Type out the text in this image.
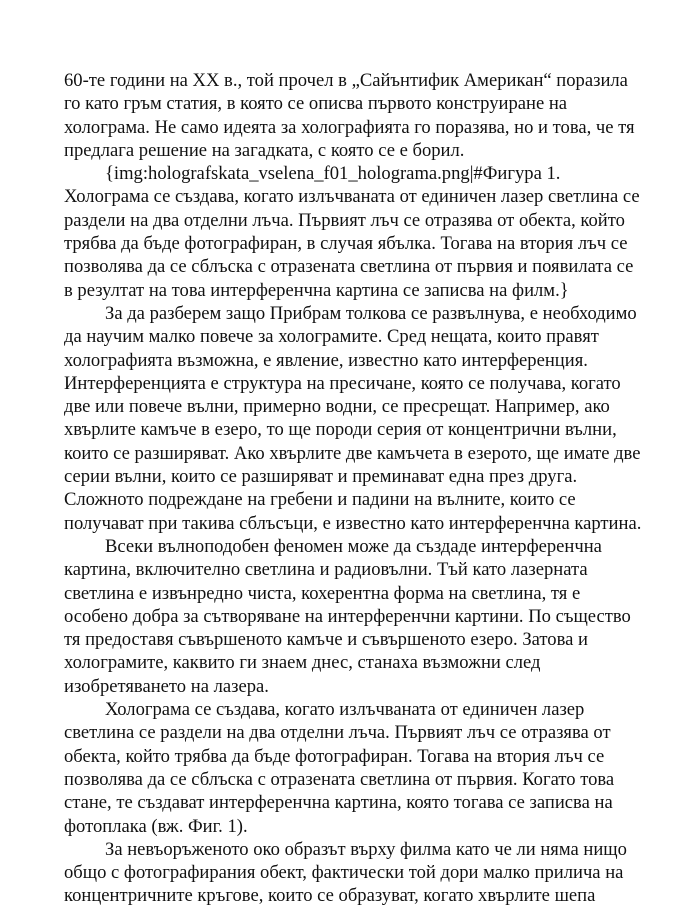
60-те години на XX в., той прочел в „Сайънтифик Американ“ поразила
го като гръм статия, в която се описва първото конструиране на
холограма. Не само идеята за холографията го поразява, но и това, че тя
предлага решение на загадката, с която се е борил.
{img:holografskata_vselena_f01_holograma.png|#Фигура 1.
Холограма се създава, когато излъчваната от единичен лазер светлина се
раздели на два отделни лъча. Първият лъч се отразява от обекта, който
трябва да бъде фотографиран, в случая ябълка. Тогава на втория лъч се
позволява да се сблъска с отразената светлина от първия и появилата се
в резултат на това интерференчна картина се записва на филм.}
За да разберем защо Прибрам толкова се развълнува, е необходимо
да научим малко повече за холограмите. Сред нещата, които правят
холографията възможна, е явление, известно като интерференция.
Интерференцията е структура на пресичане, която се получава, когато
две или повече вълни, примерно водни, се пресрещат. Например, ако
хвърлите камъче в езеро, то ще породи серия от концентрични вълни,
които се разширяват. Ако хвърлите две камъчета в езерото, ще имате две
серии вълни, които се разширяват и преминават една през друга.
Сложното подреждане на гребени и падини на вълните, които се
получават при такива сблъсъци, е известно като интерференчна картина.
Всеки вълноподобен феномен може да създаде интерференчна
картина, включително светлина и радиовълни. Тъй като лазерната
светлина е извънредно чиста, кохерентна форма на светлина, тя е
особено добра за сътворяване на интерференчни картини. По същество
тя предоставя съвършеното камъче и съвършеното езеро. Затова и
холограмите, каквито ги знаем днес, станаха възможни след
изобретяването на лазера.
Холограма се създава, когато излъчваната от единичен лазер
светлина се раздели на два отделни лъча. Първият лъч се отразява от
обекта, който трябва да бъде фотографиран. Тогава на втория лъч се
позволява да се сблъска с отразената светлина от първия. Когато това
стане, те създават интерференчна картина, която тогава се записва на
фотоплака (вж. Фиг. 1).
За невъоръженото око образът върху филма като че ли няма нищо
общо с фотографирания обект, фактически той дори малко прилича на
концентричните кръгове, които се образуват, когато хвърлите шепа
